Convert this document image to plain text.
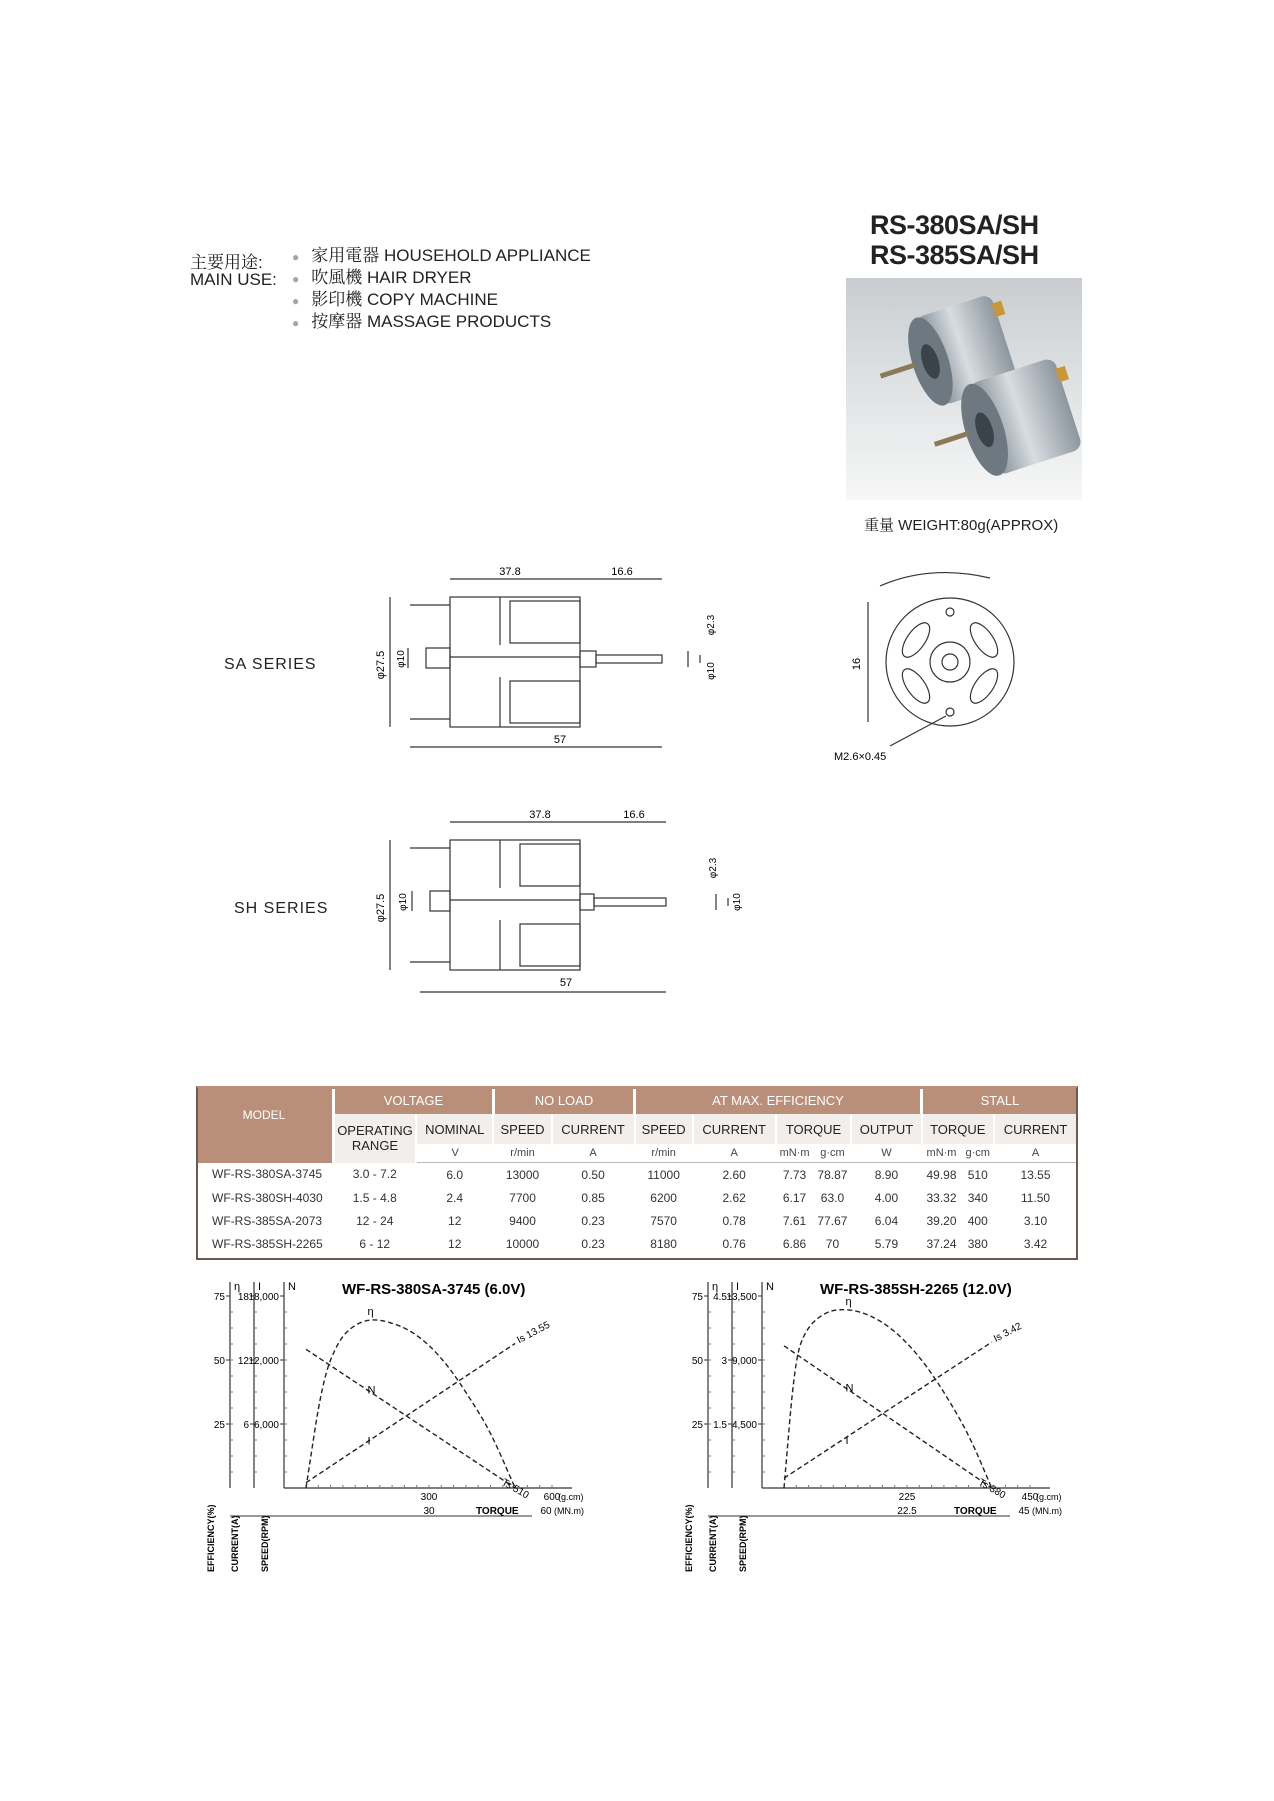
主要用途:
MAIN USE:
● 家用電器 HOUSEHOLD APPLIANCE
● 吹風機 HAIR DRYER
● 影印機 COPY MACHINE
● 按摩器 MASSAGE PRODUCTS
RS-380SA/SH
RS-385SA/SH
重量 WEIGHT:80g(APPROX)
SA SERIES
37.8	16.6
57
φ27.5 φ10
φ2.3
φ10	16
M2.6×0.45
SH SERIES
37.8	16.6
57
φ27.5 φ10
φ2.3
φ10
MODEL	VOLTAGE		NO LOAD		AT MAX. EFFICIENCY					STALL		
	OPERATING RANGE	NOMINAL	SPEED	CURRENT	SPEED	CURRENT	TORQUE		OUTPUT	TORQUE		CURRENT
		V	r/min	A	r/min	A	mN·m	g·cm	W	mN·m	g·cm	A
WF-RS-380SA-3745	3.0 - 7.2	6.0	13000	0.50	11000	2.60	7.73	78.87	8.90	49.98	510	13.55
WF-RS-380SH-4030	1.5 - 4.8	2.4	7700	0.85	6200	2.62	6.17	63.0	4.00	33.32	340	11.50
WF-RS-385SA-2073	12 - 24	12	9400	0.23	7570	0.78	7.61	77.67	6.04	39.20	400	3.10
WF-RS-385SH-2265	6 - 12	12	10000	0.23	8180	0.76	6.86	70	5.79	37.24	380	3.42
WF-RS-380SA-3745 (6.0V)
η
25
50
75
EFFICIENCY(%)
I
6
12
18
CURRENT(A)
N
6,000
12,000
18,000
SPEED(RPM)
300	600
(g.cm)
30	60
TORQUE	(MN.m)
η
N
I
Is 13.55
Ts 510
WF-RS-385SH-2265 (12.0V)
η
25
50
75
EFFICIENCY(%)
I
1.5
3
4.5
CURRENT(A)
N
4,500
9,000
13,500
SPEED(RPM)
225	450
(g.cm)
22.5	45
TORQUE	(MN.m)
η
N
I
Is 3.42
Ts 380
